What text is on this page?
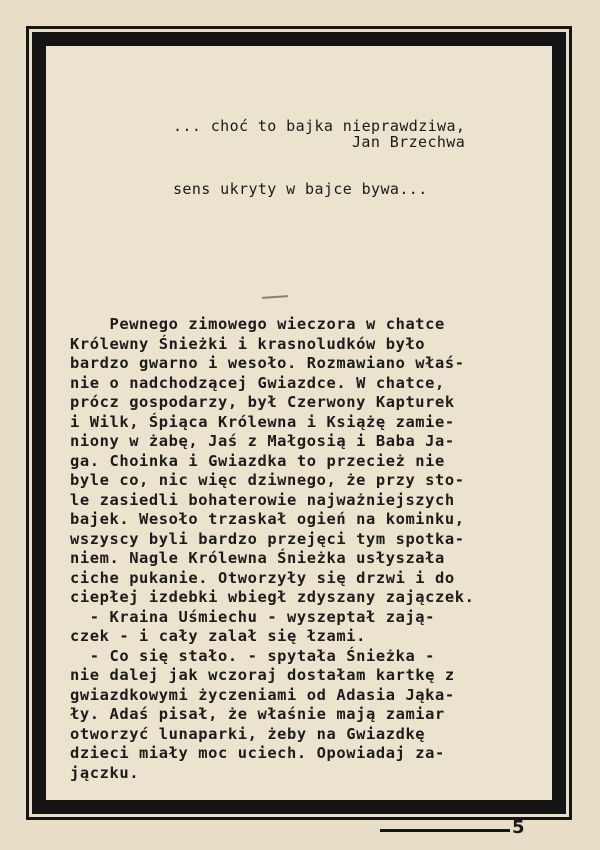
... choć to bajka nieprawdziwa,

sens ukryty w bajce bywa...

Jan Brzechwa
Pewnego zimowego wieczora w chatce
Królewny Śnieżki i krasnoludków było
bardzo gwarno i wesoło. Rozmawiano właś-
nie o nadchodzącej Gwiazdce. W chatce,
prócz gospodarzy, był Czerwony Kapturek
i Wilk, Śpiąca Królewna i Książę zamie-
niony w żabę, Jaś z Małgosią i Baba Ja-
ga. Choinka i Gwiazdka to przecież nie
byle co, nic więc dziwnego, że przy sto-
le zasiedli bohaterowie najważniejszych
bajek. Wesoło trzaskał ogień na kominku,
wszyscy byli bardzo przejęci tym spotka-
niem. Nagle Królewna Śnieżka usłyszała
ciche pukanie. Otworzyły się drzwi i do
ciepłej izdebki wbiegł zdyszany zajączek.
- Kraina Uśmiechu - wyszeptał zają-
czek - i cały zalał się łzami.
- Co się stało. - spytała Śnieżka -
nie dalej jak wczoraj dostałam kartkę z
gwiazdkowymi życzeniami od Adasia Jąka-
ły. Adaś pisał, że właśnie mają zamiar
otworzyć lunaparki, żeby na Gwiazdkę
dzieci miały moc uciech. Opowiadaj za-
jączku.
5
